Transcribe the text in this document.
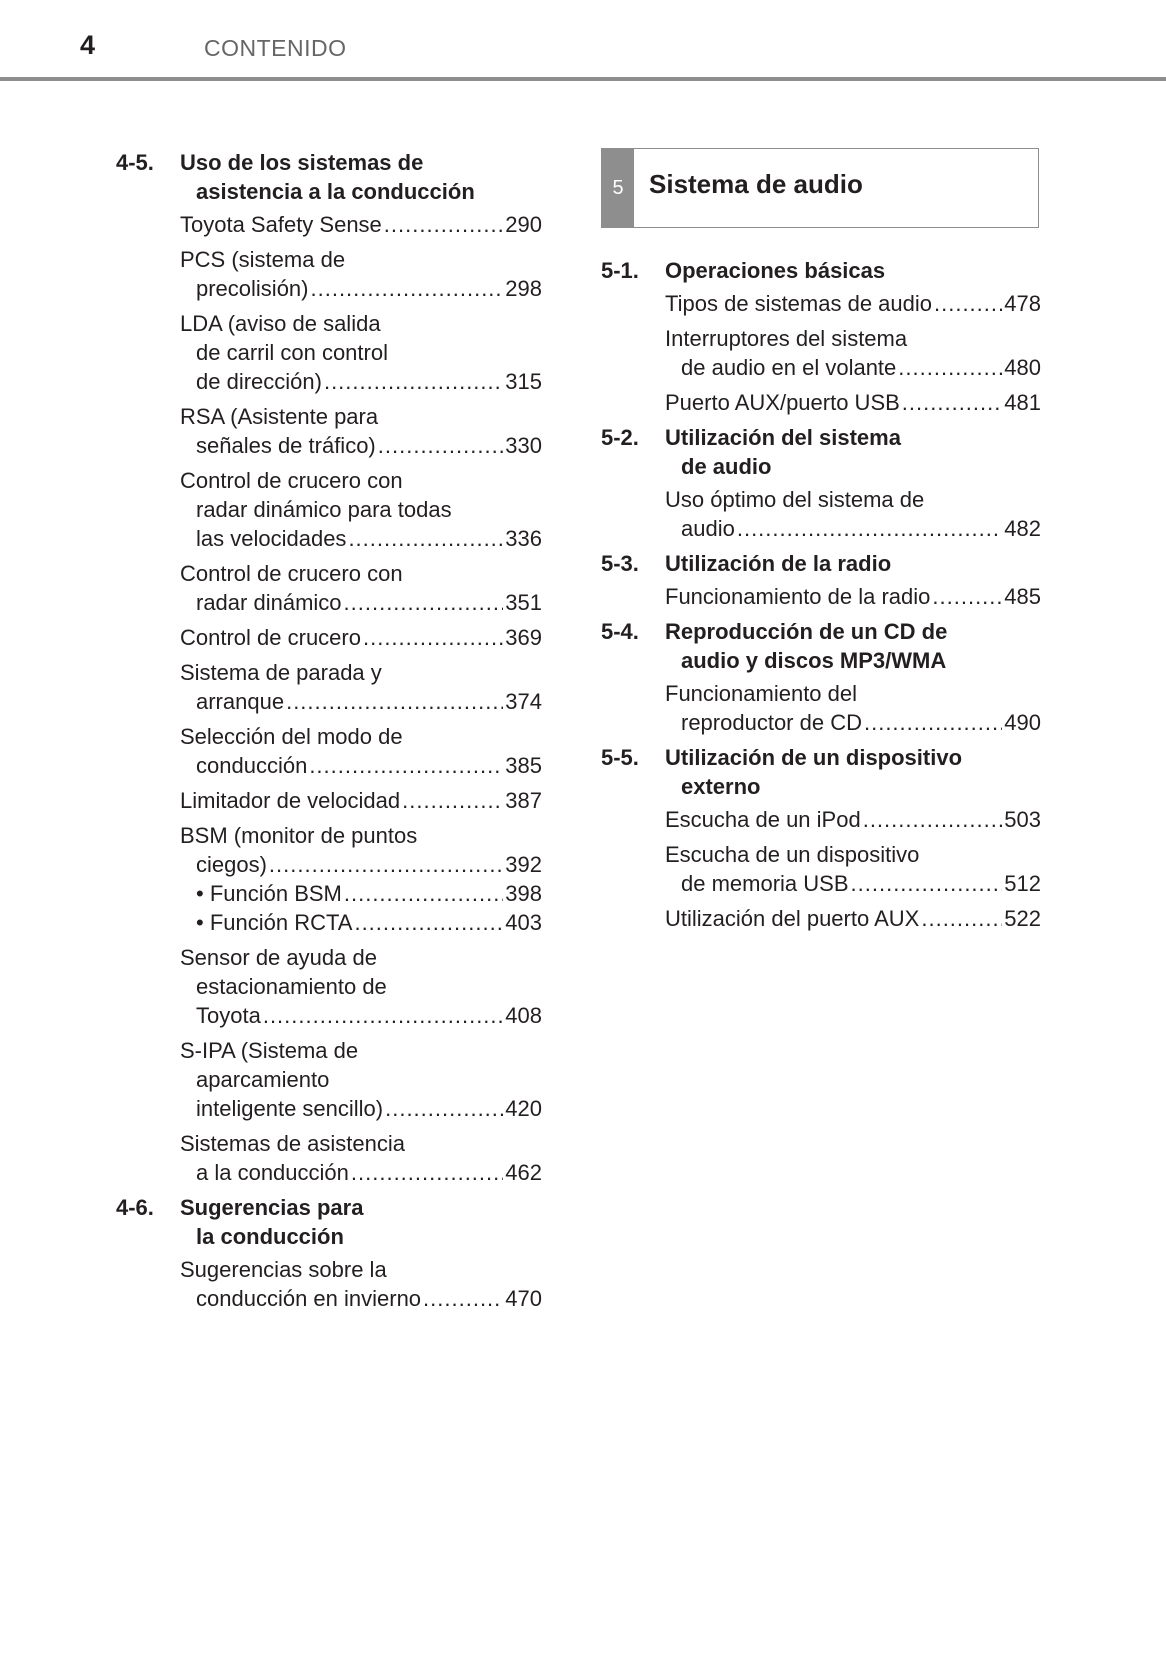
4	CONTENIDO
4-5. Uso de los sistemas de
asistencia a la conducción
Toyota Safety Sense .....	290
PCS (sistema de
precolisión) .....	298
LDA (aviso de salida
de carril con control
de dirección) .....	315
RSA (Asistente para
señales de tráfico) .....	330
Control de crucero con
radar dinámico para todas
las velocidades .....	336
Control de crucero con
radar dinámico .....	351
Control de crucero .....	369
Sistema de parada y
arranque .....	374
Selección del modo de
conducción .....	385
Limitador de velocidad .....	387
BSM (monitor de puntos
ciegos) .....	392
• Función BSM .....	398
• Función RCTA .....	403
Sensor de ayuda de
estacionamiento de
Toyota .....	408
S-IPA (Sistema de
aparcamiento
inteligente sencillo) .....	420
Sistemas de asistencia
a la conducción .....	462
4-6. Sugerencias para
la conducción
Sugerencias sobre la
conducción en invierno .....	470
5 Sistema de audio
5-1. Operaciones básicas
Tipos de sistemas de audio .....	478
Interruptores del sistema
de audio en el volante .....	480
Puerto AUX/puerto USB .....	481
5-2. Utilización del sistema
de audio
Uso óptimo del sistema de
audio .....	482
5-3. Utilización de la radio
Funcionamiento de la radio .....	485
5-4. Reproducción de un CD de
audio y discos MP3/WMA
Funcionamiento del
reproductor de CD .....	490
5-5. Utilización de un dispositivo
externo
Escucha de un iPod .....	503
Escucha de un dispositivo
de memoria USB .....	512
Utilización del puerto AUX .....	522
